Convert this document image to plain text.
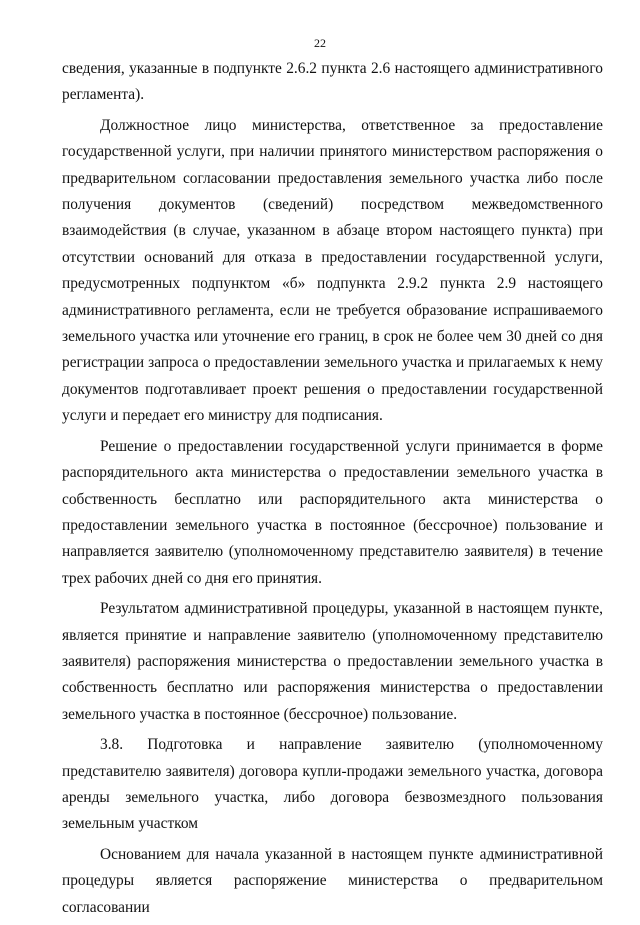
22

сведения, указанные в подпункте 2.6.2 пункта 2.6 настоящего административного регламента).

Должностное лицо министерства, ответственное за предоставление государственной услуги, при наличии принятого министерством распоряжения о предварительном согласовании предоставления земельного участка либо после получения документов (сведений) посредством межведомственного взаимодействия (в случае, указанном в абзаце втором настоящего пункта) при отсутствии оснований для отказа в предоставлении государственной услуги, предусмотренных подпунктом «б» подпункта 2.9.2 пункта 2.9 настоящего административного регламента, если не требуется образование испрашиваемого земельного участка или уточнение его границ, в срок не более чем 30 дней со дня регистрации запроса о предоставлении земельного участка и прилагаемых к нему документов подготавливает проект решения о предоставлении государственной услуги и передает его министру для подписания.

Решение о предоставлении государственной услуги принимается в форме распорядительного акта министерства о предоставлении земельного участка в собственность бесплатно или распорядительного акта министерства о предоставлении земельного участка в постоянное (бессрочное) пользование и направляется заявителю (уполномоченному представителю заявителя) в течение трех рабочих дней со дня его принятия.

Результатом административной процедуры, указанной в настоящем пункте, является принятие и направление заявителю (уполномоченному представителю заявителя) распоряжения министерства о предоставлении земельного участка в собственность бесплатно или распоряжения министерства о предоставлении земельного участка в постоянное (бессрочное) пользование.

3.8. Подготовка и направление заявителю (уполномоченному представителю заявителя) договора купли-продажи земельного участка, договора аренды земельного участка, либо договора безвозмездного пользования земельным участком

Основанием для начала указанной в настоящем пункте административной процедуры является распоряжение министерства о предварительном согласовании
